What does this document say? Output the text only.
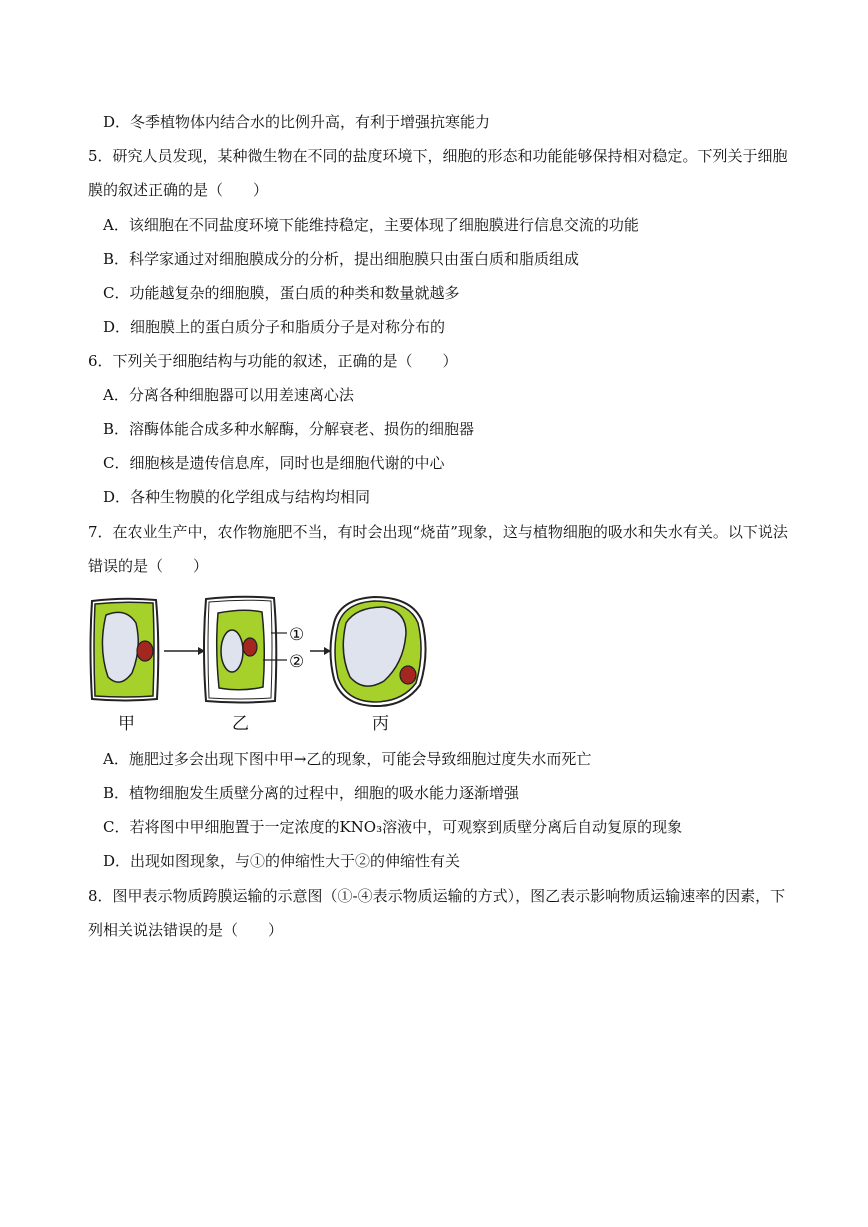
D．冬季植物体内结合水的比例升高，有利于增强抗寒能力
5．研究人员发现，某种微生物在不同的盐度环境下，细胞的形态和功能能够保持相对稳定。下列关于细胞
膜的叙述正确的是（　　）
A．该细胞在不同盐度环境下能维持稳定，主要体现了细胞膜进行信息交流的功能
B．科学家通过对细胞膜成分的分析，提出细胞膜只由蛋白质和脂质组成
C．功能越复杂的细胞膜，蛋白质的种类和数量就越多
D．细胞膜上的蛋白质分子和脂质分子是对称分布的
6．下列关于细胞结构与功能的叙述，正确的是（　　）
A．分离各种细胞器可以用差速离心法
B．溶酶体能合成多种水解酶，分解衰老、损伤的细胞器
C．细胞核是遗传信息库，同时也是细胞代谢的中心
D．各种生物膜的化学组成与结构均相同
7．在农业生产中，农作物施肥不当，有时会出现“烧苗”现象，这与植物细胞的吸水和失水有关。以下说法
错误的是（　　）
①
②
甲	乙	丙
A．施肥过多会出现下图中甲→乙的现象，可能会导致细胞过度失水而死亡
B．植物细胞发生质壁分离的过程中，细胞的吸水能力逐渐增强
C．若将图中甲细胞置于一定浓度的KNO₃溶液中，可观察到质壁分离后自动复原的现象
D．出现如图现象，与①的伸缩性大于②的伸缩性有关
8．图甲表示物质跨膜运输的示意图（①-④表示物质运输的方式），图乙表示影响物质运输速率的因素，下
列相关说法错误的是（　　）
